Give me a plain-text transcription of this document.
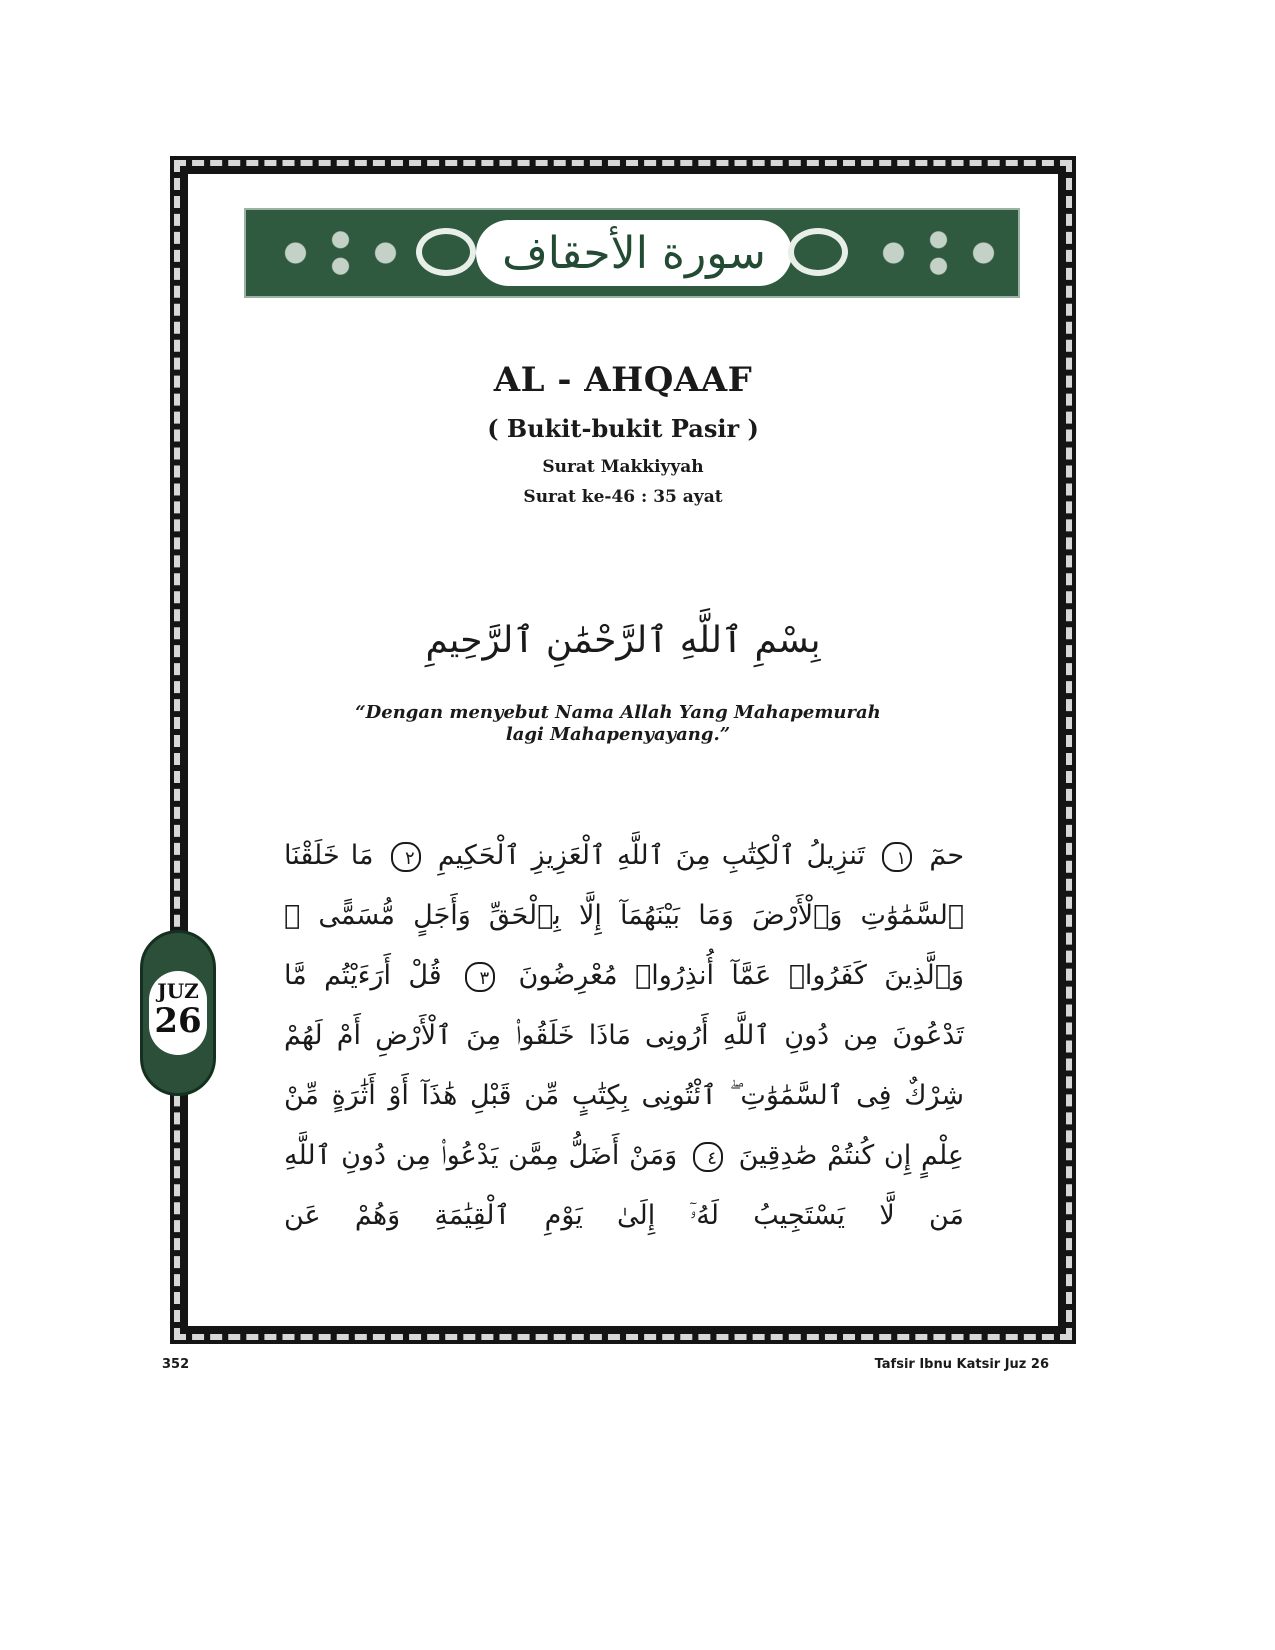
سورة الأحقاف
AL - AHQAAF
( Bukit-bukit Pasir )
Surat Makkiyyah
Surat ke-46 : 35 ayat
بِسْمِ ٱللَّهِ ٱلرَّحْمَٰنِ ٱلرَّحِيمِ
“Dengan menyebut Nama Allah Yang Mahapemurah lagi Mahapenyayang.”
حمٓ ١ تَنزِيلُ ٱلْكِتَٰبِ مِنَ ٱللَّهِ ٱلْعَزِيزِ ٱلْحَكِيمِ ٢ مَا خَلَقْنَا ٱلسَّمَٰوَٰتِ وَٱلْأَرْضَ وَمَا بَيْنَهُمَآ إِلَّا بِٱلْحَقِّ وَأَجَلٍ مُّسَمًّى ۚ وَٱلَّذِينَ كَفَرُوا۟ عَمَّآ أُنذِرُوا۟ مُعْرِضُونَ ٣ قُلْ أَرَءَيْتُم مَّا تَدْعُونَ مِن دُونِ ٱللَّهِ أَرُونِى مَاذَا خَلَقُوا۟ مِنَ ٱلْأَرْضِ أَمْ لَهُمْ شِرْكٌ فِى ٱلسَّمَٰوَٰتِ ۖ ٱئْتُونِى بِكِتَٰبٍ مِّن قَبْلِ هَٰذَآ أَوْ أَثَٰرَةٍ مِّنْ عِلْمٍ إِن كُنتُمْ صَٰدِقِينَ ٤ وَمَنْ أَضَلُّ مِمَّن يَدْعُوا۟ مِن دُونِ ٱللَّهِ مَن لَّا يَسْتَجِيبُ لَهُۥٓ إِلَىٰ يَوْمِ ٱلْقِيَٰمَةِ وَهُمْ عَن
JUZ
26
352	Tafsir Ibnu Katsir Juz 26
